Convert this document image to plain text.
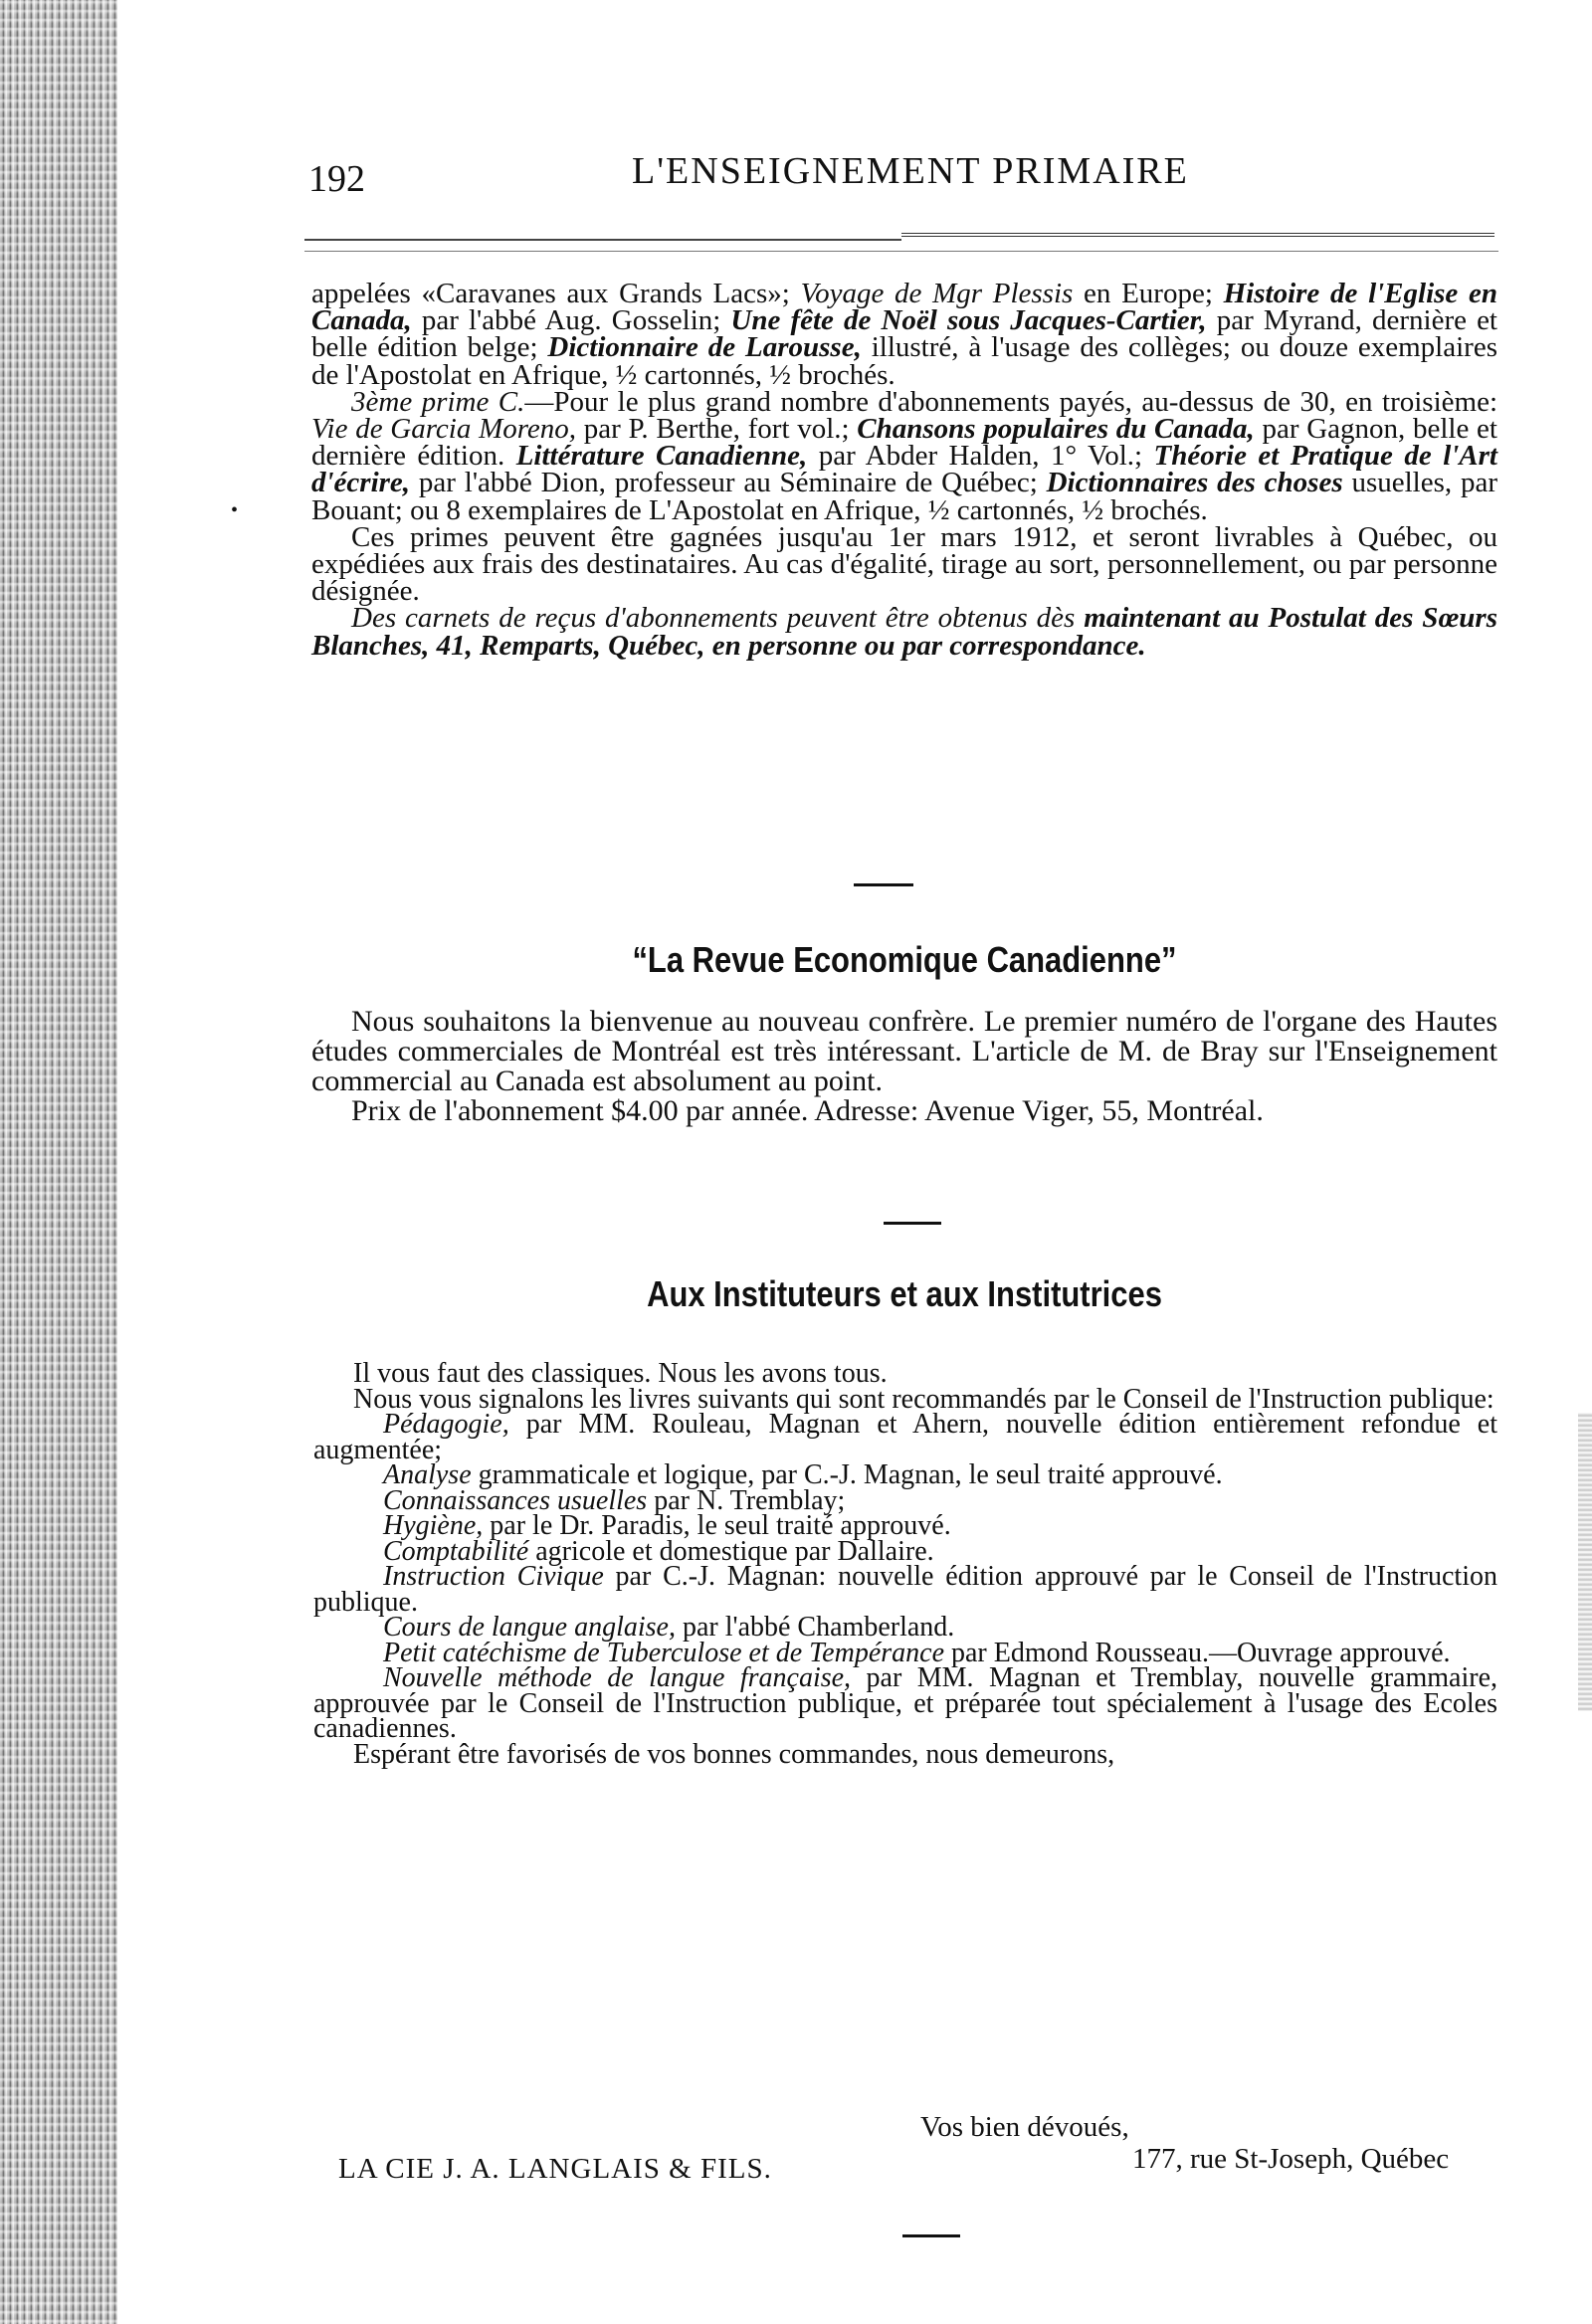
192	L'ENSEIGNEMENT PRIMAIRE
•

appelées «Caravanes aux Grands Lacs»; Voyage de Mgr Plessis en Europe; Histoire de l'Eglise en Canada, par l'abbé Aug. Gosselin; Une fête de Noël sous Jacques-Cartier, par Myrand, dernière et belle édition belge; Dictionnaire de Larousse, illustré, à l'usage des collèges; ou douze exemplaires de l'Apostolat en Afrique, ½ cartonnés, ½ brochés.

3ème prime C.—Pour le plus grand nombre d'abonnements payés, au-dessus de 30, en troisième: Vie de Garcia Moreno, par P. Berthe, fort vol.; Chansons populaires du Canada, par Gagnon, belle et dernière édition. Littérature Canadienne, par Abder Halden, 1° Vol.; Théorie et Pratique de l'Art d'écrire, par l'abbé Dion, professeur au Séminaire de Québec; Dictionnaires des choses usuelles, par Bouant; ou 8 exemplaires de L'Apostolat en Afrique, ½ cartonnés, ½ brochés.

Ces primes peuvent être gagnées jusqu'au 1er mars 1912, et seront livrables à Québec, ou expédiées aux frais des destinataires. Au cas d'égalité, tirage au sort, personnellement, ou par personne désignée.

Des carnets de reçus d'abonnements peuvent être obtenus dès maintenant au Postulat des Sœurs Blanches, 41, Remparts, Québec, en personne ou par correspondance.

“La Revue Economique Canadienne”

Nous souhaitons la bienvenue au nouveau confrère. Le premier numéro de l'organe des Hautes études commerciales de Montréal est très intéressant. L'article de M. de Bray sur l'Enseignement commercial au Canada est absolument au point.

Prix de l'abonnement $4.00 par année. Adresse: Avenue Viger, 55, Montréal.

Aux Instituteurs et aux Institutrices

Il vous faut des classiques. Nous les avons tous.

Nous vous signalons les livres suivants qui sont recommandés par le Conseil de l'Instruction publique:

Pédagogie, par MM. Rouleau, Magnan et Ahern, nouvelle édition entièrement refondue et augmentée;

Analyse grammaticale et logique, par C.-J. Magnan, le seul traité approuvé.

Connaissances usuelles par N. Tremblay;

Hygiène, par le Dr. Paradis, le seul traité approuvé.

Comptabilité agricole et domestique par Dallaire.

Instruction Civique par C.-J. Magnan: nouvelle édition approuvé par le Conseil de l'Instruction publique.

Cours de langue anglaise, par l'abbé Chamberland.

Petit catéchisme de Tuberculose et de Tempérance par Edmond Rousseau.—Ouvrage approuvé.

Nouvelle méthode de langue française, par MM. Magnan et Tremblay, nouvelle grammaire, approuvée par le Conseil de l'Instruction publique, et préparée tout spécialement à l'usage des Ecoles canadiennes.

Espérant être favorisés de vos bonnes commandes, nous demeurons,

Vos bien dévoués,
LA CIE J. A. LANGLAIS & FILS.	177, rue St-Joseph, Québec
